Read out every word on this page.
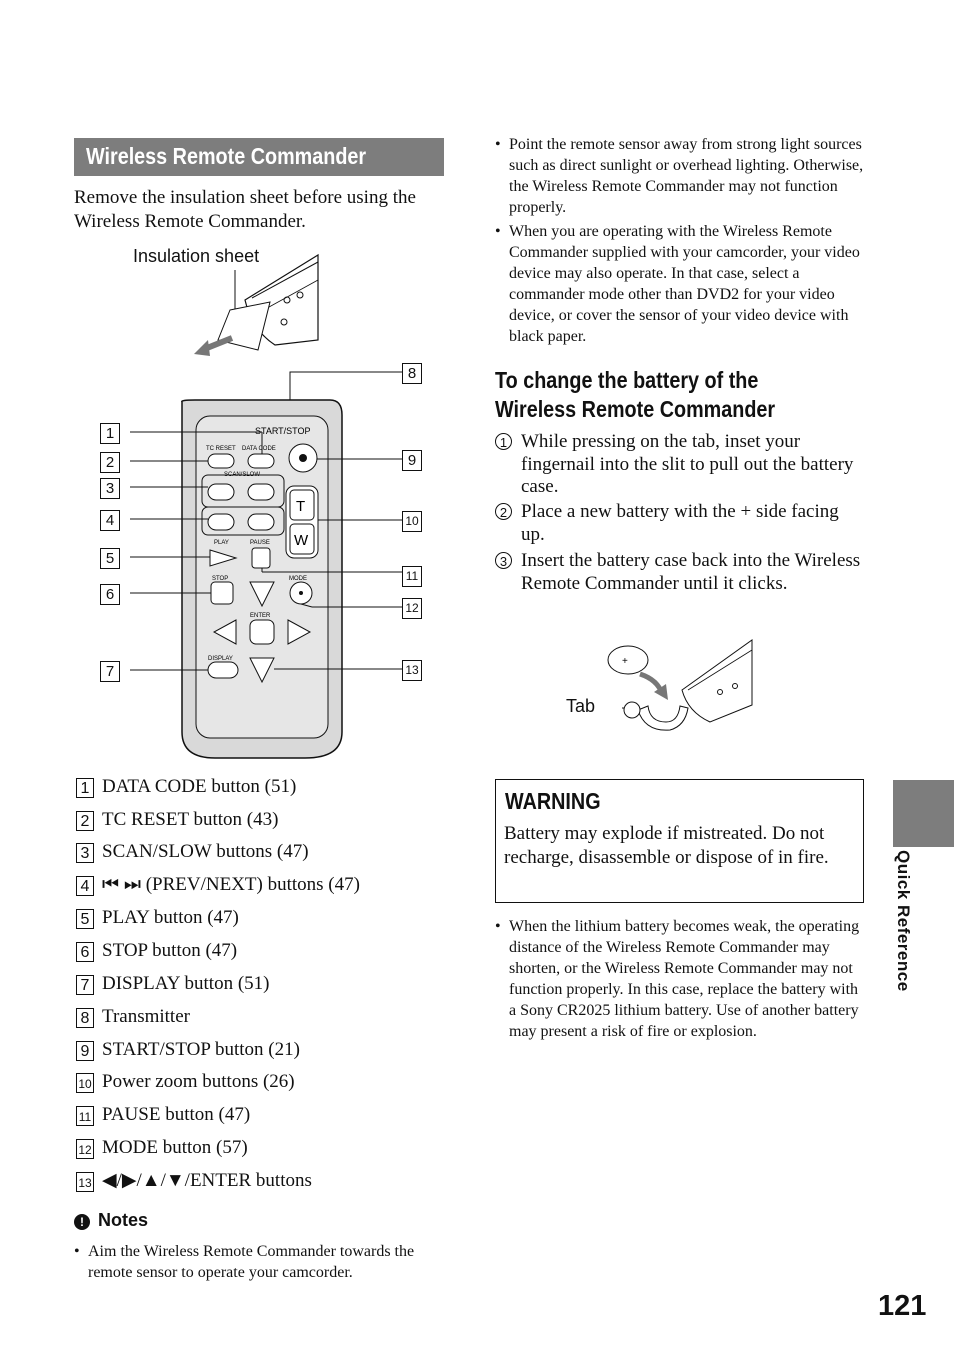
Wireless Remote Commander
Remove the insulation sheet before using the Wireless Remote Commander.
Insulation sheet
START/STOP
TC RESET DATA CODE
SCAN/SLOW
PLAY	PAUSE
STOP	MODE
ENTER
DISPLAY
T
W
1
2
3
4
5
6
7
8
9
10
11
12
13
1 DATA CODE button (51)
2 TC RESET button (43)
3 SCAN/SLOW buttons (47)
4 ⏮ ⏭ (PREV/NEXT) buttons (47)
5 PLAY button (47)
6 STOP button (47)
7 DISPLAY button (51)
8 Transmitter
9 START/STOP button (21)
10 Power zoom buttons (26)
11 PAUSE button (47)
12 MODE button (57)
13 ◀/▶/▲/▼/ENTER buttons
! Notes
• Aim the Wireless Remote Commander towards the remote sensor to operate your camcorder.
• Point the remote sensor away from strong light sources such as direct sunlight or overhead lighting. Otherwise, the Wireless Remote Commander may not function properly.
• When you are operating with the Wireless Remote Commander supplied with your camcorder, your video device may also operate. In that case, select a commander mode other than DVD2 for your video device, or cover the sensor of your video device with black paper.
To change the battery of the Wireless Remote Commander
1 While pressing on the tab, inset your fingernail into the slit to pull out the battery case.
2 Place a new battery with the + side facing up.
3 Insert the battery case back into the Wireless Remote Commander until it clicks.
Tab
+
WARNING
Battery may explode if mistreated. Do not recharge, disassemble or dispose of in fire.
• When the lithium battery becomes weak, the operating distance of the Wireless Remote Commander may shorten, or the Wireless Remote Commander may not function properly. In this case, replace the battery with a Sony CR2025 lithium battery. Use of another battery may present a risk of fire or explosion.
Quick Reference
121
